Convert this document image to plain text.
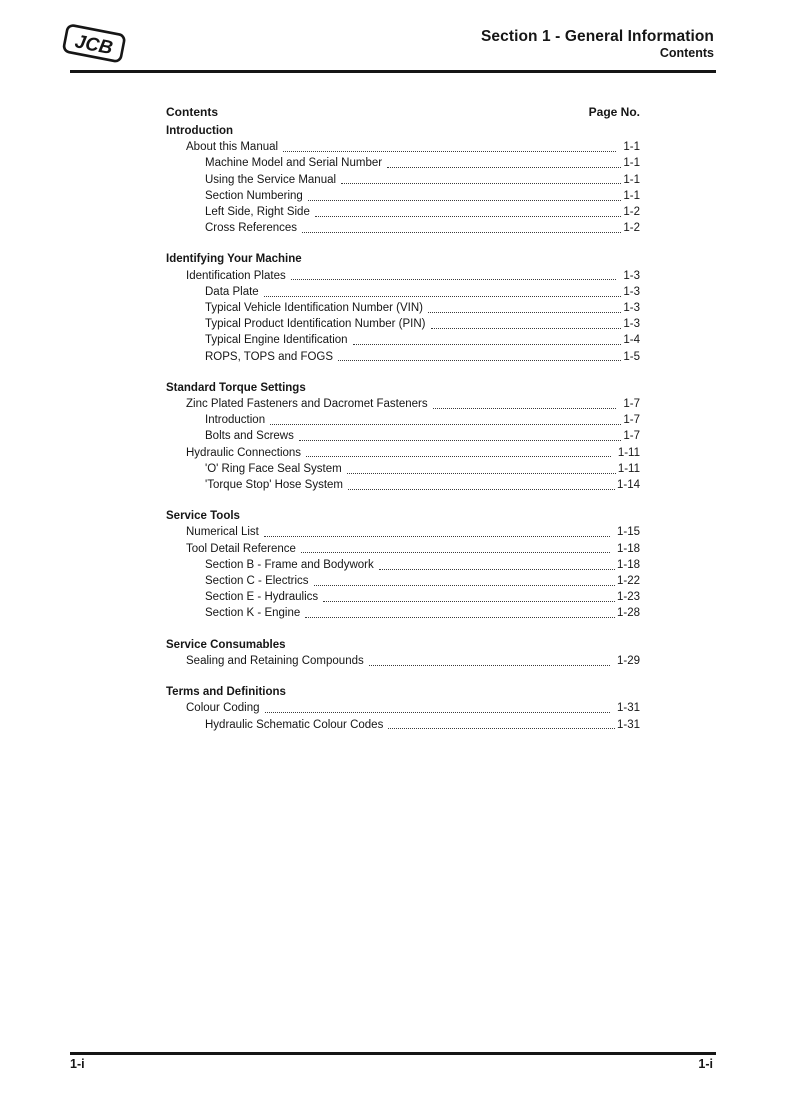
JCB	Section 1 - General Information
Contents
Contents	Page No.
Introduction
About this Manual	1-1
Machine Model and Serial Number	1-1
Using the Service Manual	1-1
Section Numbering	1-1
Left Side, Right Side	1-2
Cross References	1-2
Identifying Your Machine
Identification Plates	1-3
Data Plate	1-3
Typical Vehicle Identification Number (VIN)	1-3
Typical Product Identification Number (PIN)	1-3
Typical Engine Identification	1-4
ROPS, TOPS and FOGS	1-5
Standard Torque Settings
Zinc Plated Fasteners and Dacromet Fasteners	1-7
Introduction	1-7
Bolts and Screws	1-7
Hydraulic Connections	1-11
'O' Ring Face Seal System	1-11
'Torque Stop' Hose System	1-14
Service Tools
Numerical List	1-15
Tool Detail Reference	1-18
Section B - Frame and Bodywork	1-18
Section C - Electrics	1-22
Section E - Hydraulics	1-23
Section K - Engine	1-28
Service Consumables
Sealing and Retaining Compounds	1-29
Terms and Definitions
Colour Coding	1-31
Hydraulic Schematic Colour Codes	1-31
1-i	1-i
